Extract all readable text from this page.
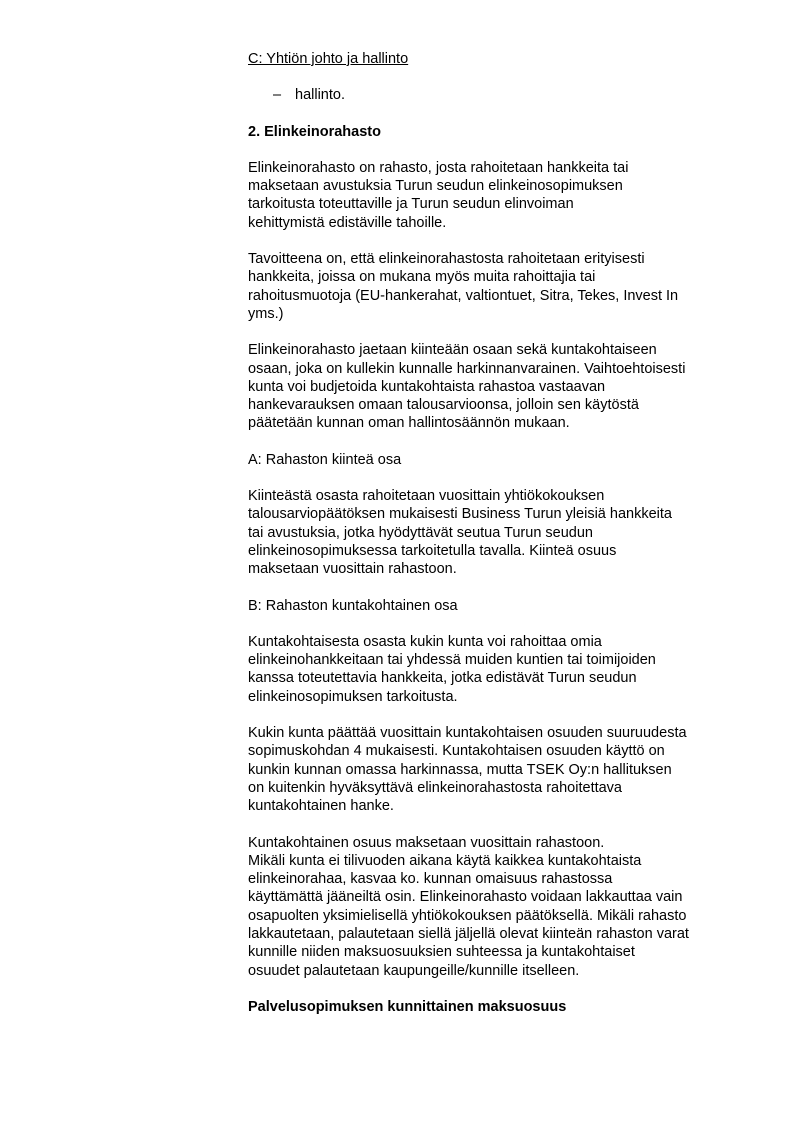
C: Yhtiön johto ja hallinto
– hallinto.
2. Elinkeinorahasto
Elinkeinorahasto on rahasto, josta rahoitetaan hankkeita tai
maksetaan avustuksia Turun seudun elinkeinosopimuksen
tarkoitusta toteuttaville ja Turun seudun elinvoiman
kehittymistä edistäville tahoille.
Tavoitteena on, että elinkeinorahastosta rahoitetaan erityisesti
hankkeita, joissa on mukana myös muita rahoittajia tai
rahoitusmuotoja (EU-hankerahat, valtiontuet, Sitra, Tekes, Invest In
yms.)
Elinkeinorahasto jaetaan kiinteään osaan sekä kuntakohtaiseen
osaan, joka on kullekin kunnalle harkinnanvarainen. Vaihtoehtoisesti
kunta voi budjetoida kuntakohtaista rahastoa vastaavan
hankevarauksen omaan talousarvioonsa, jolloin sen käytöstä
päätetään kunnan oman hallintosäännön mukaan.
A: Rahaston kiinteä osa
Kiinteästä osasta rahoitetaan vuosittain yhtiökokouksen
talousarviopäätöksen mukaisesti Business Turun yleisiä hankkeita
tai avustuksia, jotka hyödyttävät seutua Turun seudun
elinkeinosopimuksessa tarkoitetulla tavalla. Kiinteä osuus
maksetaan vuosittain rahastoon.
B: Rahaston kuntakohtainen osa
Kuntakohtaisesta osasta kukin kunta voi rahoittaa omia
elinkeinohankkeitaan tai yhdessä muiden kuntien tai toimijoiden
kanssa toteutettavia hankkeita, jotka edistävät Turun seudun
elinkeinosopimuksen tarkoitusta.
Kukin kunta päättää vuosittain kuntakohtaisen osuuden suuruudesta
sopimuskohdan 4 mukaisesti. Kuntakohtaisen osuuden käyttö on
kunkin kunnan omassa harkinnassa, mutta TSEK Oy:n hallituksen
on kuitenkin hyväksyttävä elinkeinorahastosta rahoitettava
kuntakohtainen hanke.
Kuntakohtainen osuus maksetaan vuosittain rahastoon.
Mikäli kunta ei tilivuoden aikana käytä kaikkea kuntakohtaista
elinkeinorahaa, kasvaa ko. kunnan omaisuus rahastossa
käyttämättä jääneiltä osin. Elinkeinorahasto voidaan lakkauttaa vain
osapuolten yksimielisellä yhtiökokouksen päätöksellä. Mikäli rahasto
lakkautetaan, palautetaan siellä jäljellä olevat kiinteän rahaston varat
kunnille niiden maksuosuuksien suhteessa ja kuntakohtaiset
osuudet palautetaan kaupungeille/kunnille itselleen.
Palvelusopimuksen kunnittainen maksuosuus
